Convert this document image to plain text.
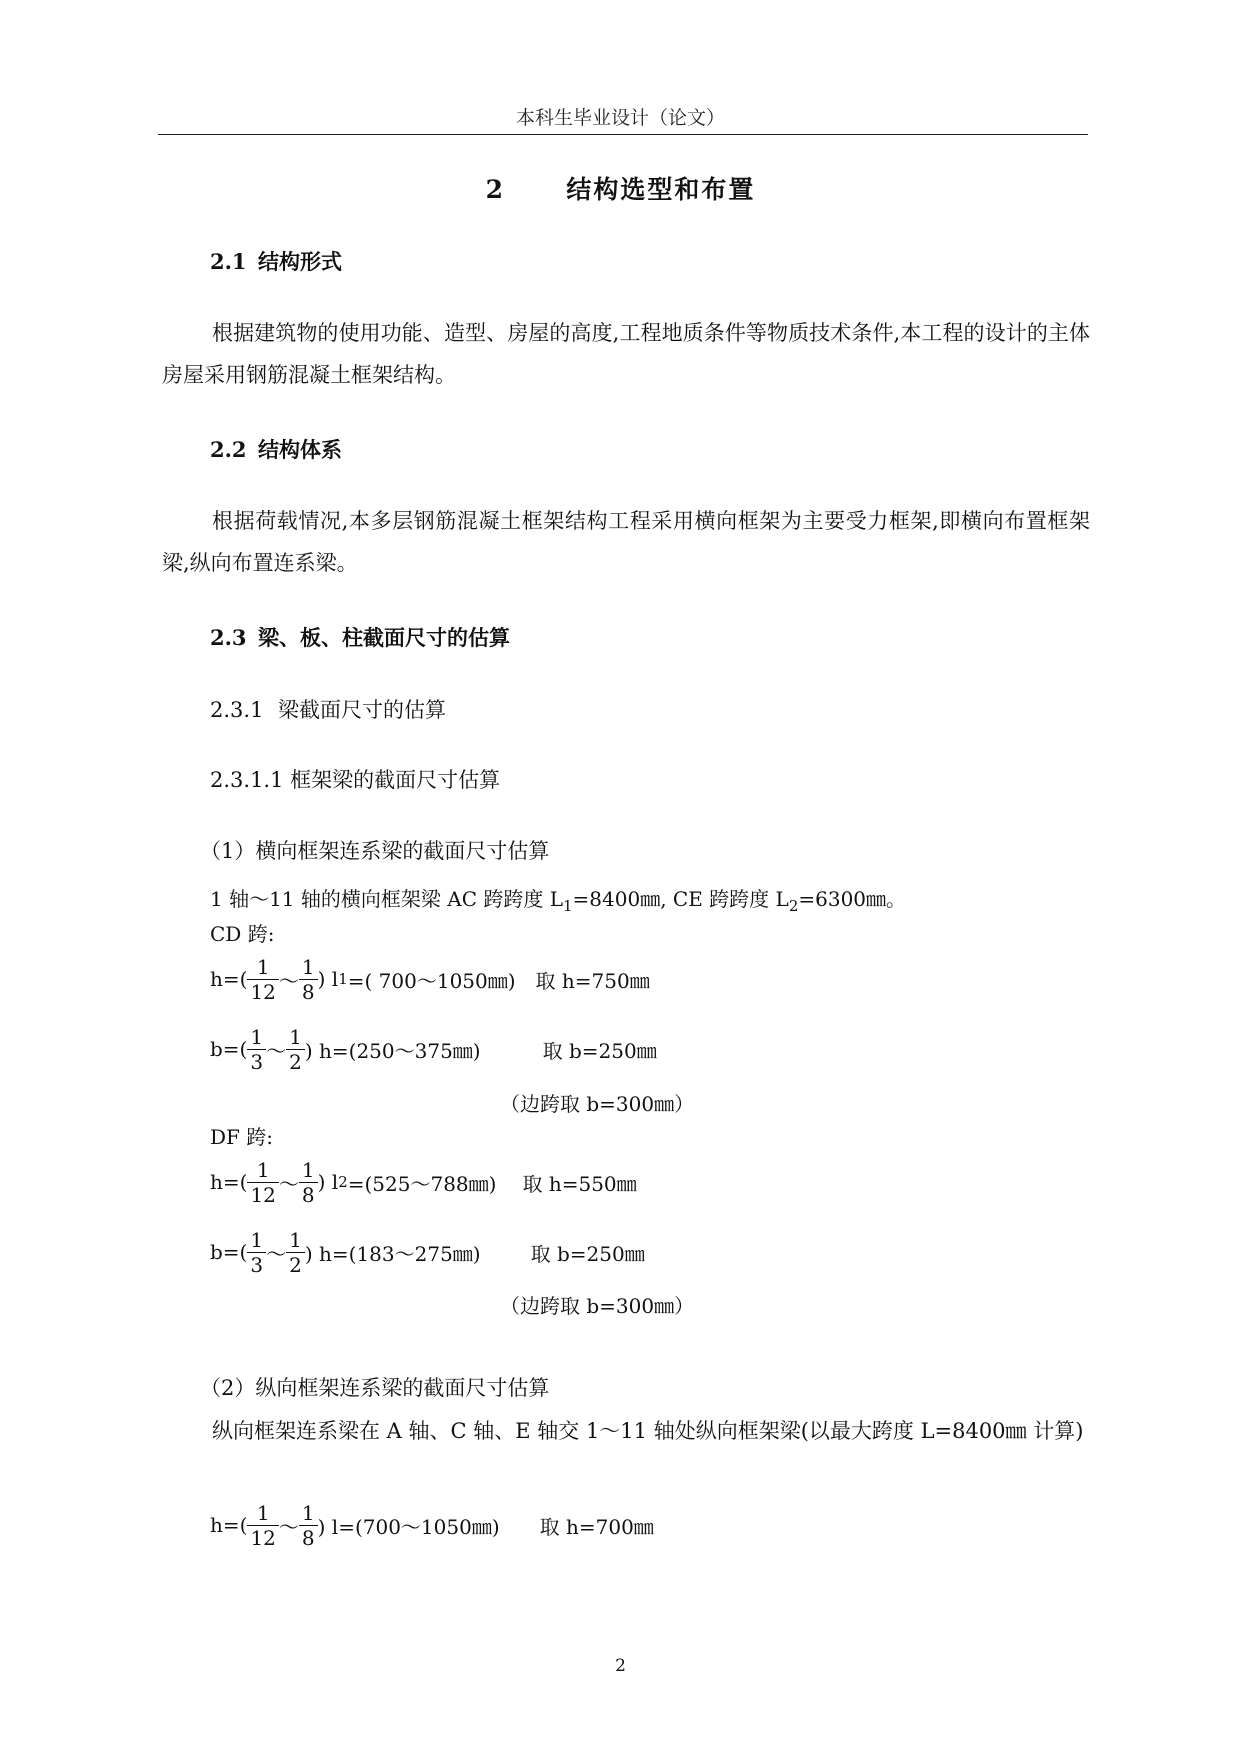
本科生毕业设计（论文）
2 结构选型和布置
2.1 结构形式

根据建筑物的使用功能、造型、房屋的高度,工程地质条件等物质技术条件,本工程的设计的主体房屋采用钢筋混凝土框架结构。

2.2 结构体系

根据荷载情况,本多层钢筋混凝土框架结构工程采用横向框架为主要受力框架,即横向布置框架梁,纵向布置连系梁。

2.3 梁、板、柱截面尺寸的估算
2.3.1 梁截面尺寸的估算
2.3.1.1 框架梁的截面尺寸估算
（1）横向框架连系梁的截面尺寸估算
1 轴～11 轴的横向框架梁 AC 跨跨度 $L_1=8400㎜$, CE 跨跨度 $L_2=6300㎜$。
CD 跨:
$h=( \frac{1}{12}$ ～ $\frac{1}{8}$ ) l 1 =( 700～1050㎜) 取 h=750㎜
$b=( \frac{1}{3}$ ～ $\frac{1}{2}$ ) h=(250～375㎜)	取 b=250㎜
（边跨取 b=300㎜）
DF 跨:
$h=( \frac{1}{12}$ ～ $\frac{1}{8}$ ) l 2 =(525～788㎜) 取 h=550㎜
$b=( \frac{1}{3}$ ～ $\frac{1}{2}$ ) h=(183～275㎜)	取 b=250㎜
（边跨取 b=300㎜）
（2）纵向框架连系梁的截面尺寸估算

纵向框架连系梁在 A 轴、C 轴、E 轴交 1～11 轴处纵向框架梁(以最大跨度 L=8400㎜ 计算)

$h=( \frac{1}{12}$ ～ $\frac{1}{8}$ ) l=(700～1050㎜) 取 h=700㎜
2
